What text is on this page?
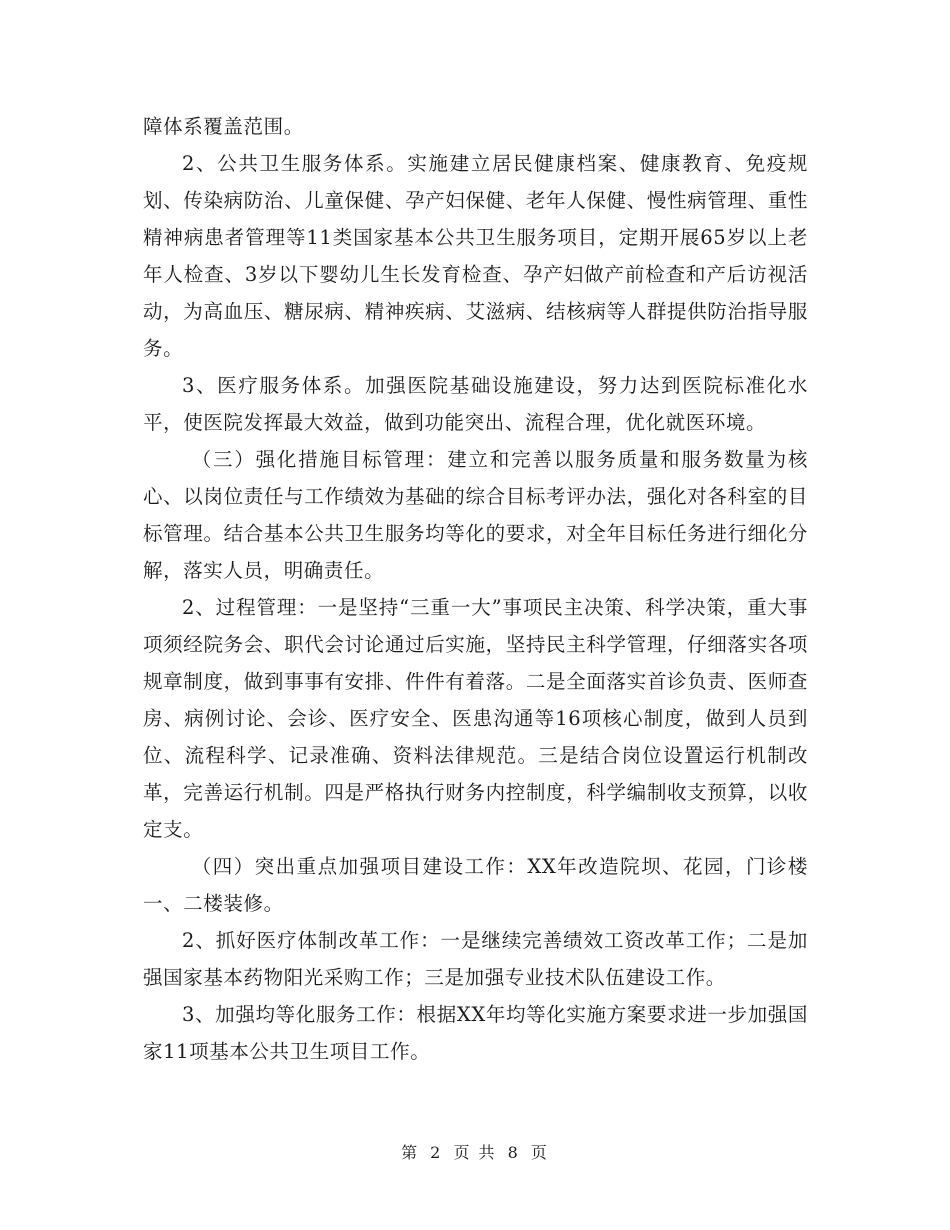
障体系覆盖范围。

2、公共卫生服务体系。实施建立居民健康档案、健康教育、免疫规划、传染病防治、儿童保健、孕产妇保健、老年人保健、慢性病管理、重性精神病患者管理等11类国家基本公共卫生服务项目，定期开展65岁以上老年人检查、3岁以下婴幼儿生长发育检查、孕产妇做产前检查和产后访视活动，为高血压、糖尿病、精神疾病、艾滋病、结核病等人群提供防治指导服务。

3、医疗服务体系。加强医院基础设施建设，努力达到医院标准化水平，使医院发挥最大效益，做到功能突出、流程合理，优化就医环境。

（三）强化措施目标管理：建立和完善以服务质量和服务数量为核心、以岗位责任与工作绩效为基础的综合目标考评办法，强化对各科室的目标管理。结合基本公共卫生服务均等化的要求，对全年目标任务进行细化分解，落实人员，明确责任。

2、过程管理：一是坚持“三重一大”事项民主决策、科学决策，重大事项须经院务会、职代会讨论通过后实施，坚持民主科学管理，仔细落实各项规章制度，做到事事有安排、件件有着落。二是全面落实首诊负责、医师查房、病例讨论、会诊、医疗安全、医患沟通等16项核心制度，做到人员到位、流程科学、记录准确、资料法律规范。三是结合岗位设置运行机制改革，完善运行机制。四是严格执行财务内控制度，科学编制收支预算，以收定支。

（四）突出重点加强项目建设工作：XX年改造院坝、花园，门诊楼一、二楼装修。

2、抓好医疗体制改革工作：一是继续完善绩效工资改革工作；二是加强国家基本药物阳光采购工作；三是加强专业技术队伍建设工作。

3、加强均等化服务工作：根据XX年均等化实施方案要求进一步加强国家11项基本公共卫生项目工作。

第 2 页 共 8 页
